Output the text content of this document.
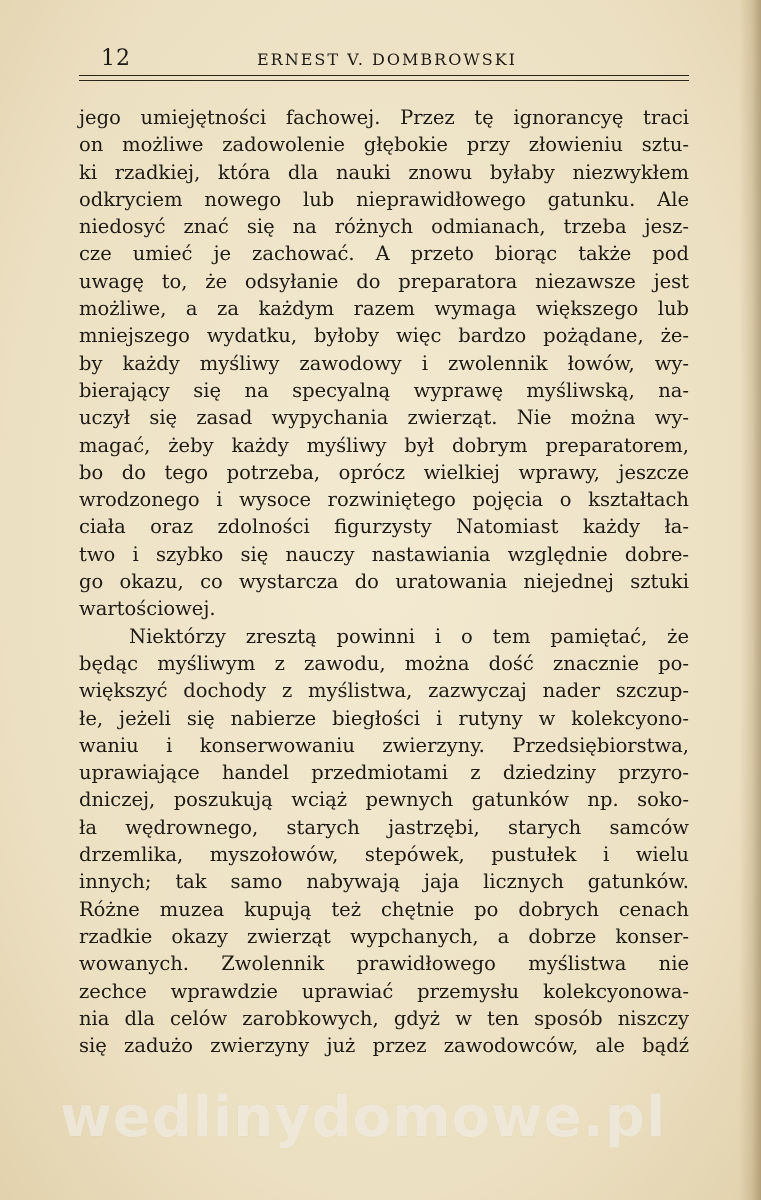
12	ERNEST V. DOMBROWSKI
jego umiejętności fachowej. Przez tę ignorancyę traci
on możliwe zadowolenie głębokie przy złowieniu sztu-
ki rzadkiej, która dla nauki znowu byłaby niezwykłem
odkryciem nowego lub nieprawidłowego gatunku. Ale
niedosyć znać się na różnych odmianach, trzeba jesz-
cze umieć je zachować. A przeto biorąc także pod
uwagę to, że odsyłanie do preparatora niezawsze jest
możliwe, a za każdym razem wymaga większego lub
mniejszego wydatku, byłoby więc bardzo pożądane, że-
by każdy myśliwy zawodowy i zwolennik łowów, wy-
bierający się na specyalną wyprawę myśliwską, na-
uczył się zasad wypychania zwierząt. Nie można wy-
magać, żeby każdy myśliwy był dobrym preparatorem,
bo do tego potrzeba, oprócz wielkiej wprawy, jeszcze
wrodzonego i wysoce rozwiniętego pojęcia o kształtach
ciała oraz zdolności figurzysty Natomiast każdy ła-
two i szybko się nauczy nastawiania względnie dobre-
go okazu, co wystarcza do uratowania niejednej sztuki
wartościowej.
Niektórzy zresztą powinni i o tem pamiętać, że
będąc myśliwym z zawodu, można dość znacznie po-
większyć dochody z myślistwa, zazwyczaj nader szczup-
łe, jeżeli się nabierze biegłości i rutyny w kolekcyono-
waniu i konserwowaniu zwierzyny. Przedsiębiorstwa,
uprawiające handel przedmiotami z dziedziny przyro-
dniczej, poszukują wciąż pewnych gatunków np. soko-
ła wędrownego, starych jastrzębi, starych samców
drzemlika, myszołowów, stepówek, pustułek i wielu
innych; tak samo nabywają jaja licznych gatunków.
Różne muzea kupują też chętnie po dobrych cenach
rzadkie okazy zwierząt wypchanych, a dobrze konser-
wowanych. Zwolennik prawidłowego myślistwa nie
zechce wprawdzie uprawiać przemysłu kolekcyonowa-
nia dla celów zarobkowych, gdyż w ten sposób niszczy
się zadużo zwierzyny już przez zawodowców, ale bądź
wedlinydomowe.pl
